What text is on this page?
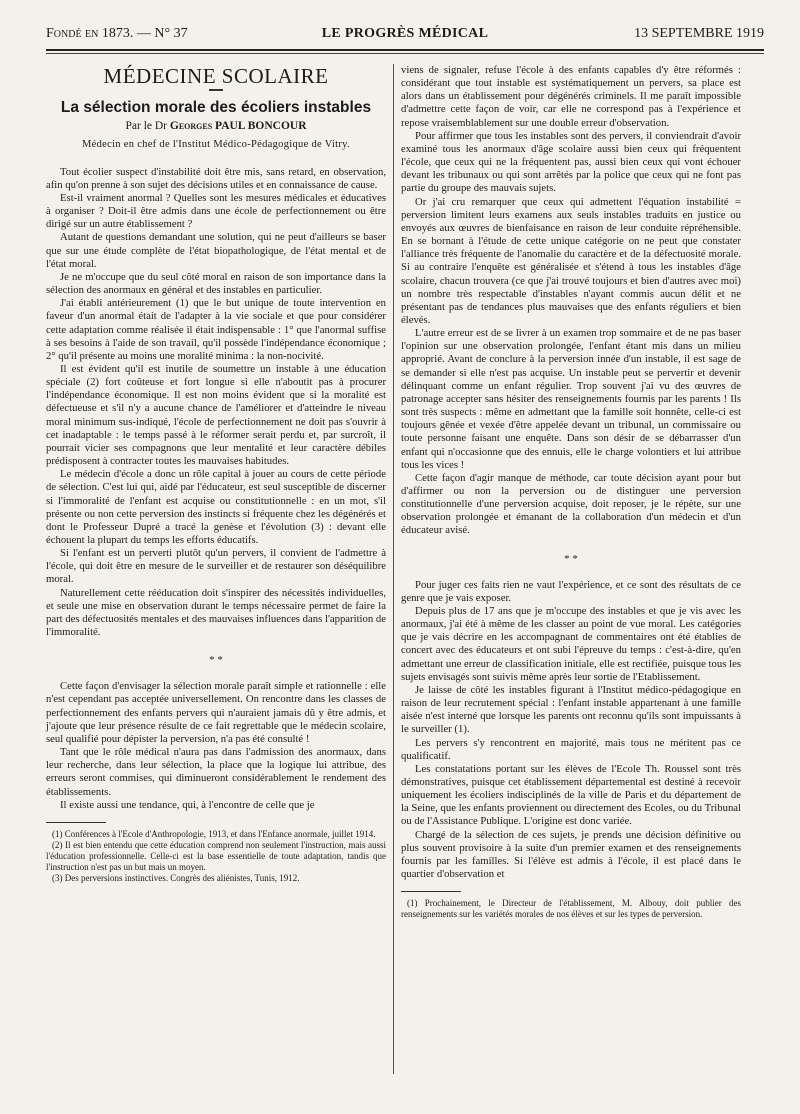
Fondé en 1873. — N° 37	LE PROGRÈS MÉDICAL	13 SEPTEMBRE 1919
MÉDECINE SCOLAIRE
La sélection morale des écoliers instables
Par le Dr Georges PAUL BONCOUR
Médecin en chef de l'Institut Médico-Pédagogique de Vitry.

Tout écolier suspect d'instabilité doit être mis, sans retard, en observation, afin qu'on prenne à son sujet des décisions utiles et en connaissance de cause.

Est-il vraiment anormal ? Quelles sont les mesures médicales et éducatives à organiser ? Doit-il être admis dans une école de perfectionnement ou être dirigé sur un autre établissement ?

Autant de questions demandant une solution, qui ne peut d'ailleurs se baser que sur une étude complète de l'état biopathologique, de l'état mental et de l'état moral.

Je ne m'occupe que du seul côté moral en raison de son importance dans la sélection des anormaux en général et des instables en particulier.

J'ai établi antérieurement (1) que le but unique de toute intervention en faveur d'un anormal était de l'adapter à la vie sociale et que pour considérer cette adaptation comme réalisée il était indispensable : 1° que l'anormal suffise à ses besoins à l'aide de son travail, qu'il possède l'indépendance économique ; 2° qu'il présente au moins une moralité minima : la non-nocivité.

Il est évident qu'il est inutile de soumettre un instable à une éducation spéciale (2) fort coûteuse et fort longue si elle n'aboutit pas à procurer l'indépendance économique. Il est non moins évident que si la moralité est défectueuse et s'il n'y a aucune chance de l'améliorer et d'atteindre le niveau moral minimum sus-indiqué, l'école de perfectionnement ne doit pas s'ouvrir à cet inadaptable : le temps passé à le réformer serait perdu et, par surcroît, il pourrait vicier ses compagnons que leur mentalité et leur caractère débiles prédisposent à contracter toutes les mauvaises habitudes.

Le médecin d'école a donc un rôle capital à jouer au cours de cette période de sélection. C'est lui qui, aidé par l'éducateur, est seul susceptible de discerner si l'immoralité de l'enfant est acquise ou constitutionnelle : en un mot, s'il présente ou non cette perversion des instincts si fréquente chez les dégénérés et dont le Professeur Dupré a tracé la genèse et l'évolution (3) : devant elle échouent la plupart du temps les efforts éducatifs.

Si l'enfant est un perverti plutôt qu'un pervers, il convient de l'admettre à l'école, qui doit être en mesure de le surveiller et de restaurer son déséquilibre moral.

Naturellement cette rééducation doit s'inspirer des nécessités individuelles, et seule une mise en observation durant le temps nécessaire permet de faire la part des défectuosités mentales et des mauvaises influences dans l'apparition de l'immoralité.

* *

Cette façon d'envisager la sélection morale paraît simple et rationnelle : elle n'est cependant pas acceptée universellement. On rencontre dans les classes de perfectionnement des enfants pervers qui n'auraient jamais dû y être admis, et j'ajoute que leur présence résulte de ce fait regrettable que le médecin scolaire, seul qualifié pour dépister la perversion, n'a pas été consulté !

Tant que le rôle médical n'aura pas dans l'admission des anormaux, dans leur recherche, dans leur sélection, la place que la logique lui attribue, des erreurs seront commises, qui diminueront considérablement le rendement des établissements.

Il existe aussi une tendance, qui, à l'encontre de celle que je

(1) Conférences à l'Ecole d'Anthropologie, 1913, et dans l'Enfance anormale, juillet 1914.

(2) Il est bien entendu que cette éducation comprend non seulement l'instruction, mais aussi l'éducation professionnelle. Celle-ci est la base essentielle de toute adaptation, tandis que l'instruction n'est pas un but mais un moyen.

(3) Des perversions instinctives. Congrès des aliénistes, Tunis, 1912.

viens de signaler, refuse l'école à des enfants capables d'y être réformés : considérant que tout instable est systématiquement un pervers, sa place est alors dans un établissement pour dégénérés criminels. Il me paraît impossible d'admettre cette façon de voir, car elle ne correspond pas à l'expérience et repose vraisemblablement sur une double erreur d'observation.

Pour affirmer que tous les instables sont des pervers, il conviendrait d'avoir examiné tous les anormaux d'âge scolaire aussi bien ceux qui fréquentent l'école, que ceux qui ne la fréquentent pas, aussi bien ceux qui vont échouer devant les tribunaux ou qui sont arrêtés par la police que ceux qui ne font pas partie du groupe des mauvais sujets.

Or j'ai cru remarquer que ceux qui admettent l'équation instabilité = perversion limitent leurs examens aux seuls instables traduits en justice ou envoyés aux œuvres de bienfaisance en raison de leur conduite répréhensible. En se bornant à l'étude de cette unique catégorie on ne peut que constater l'alliance très fréquente de l'anomalie du caractère et de la défectuosité morale. Si au contraire l'enquête est généralisée et s'étend à tous les instables d'âge scolaire, chacun trouvera (ce que j'ai trouvé toujours et bien d'autres avec moi) un nombre très respectable d'instables n'ayant commis aucun délit et ne présentant pas de tendances plus mauvaises que des enfants réguliers et bien élevés.

L'autre erreur est de se livrer à un examen trop sommaire et de ne pas baser l'opinion sur une observation prolongée, l'enfant étant mis dans un milieu approprié. Avant de conclure à la perversion innée d'un instable, il est sage de se demander si elle n'est pas acquise. Un instable peut se pervertir et devenir délinquant comme un enfant régulier. Trop souvent j'ai vu des œuvres de patronage accepter sans hésiter des renseignements fournis par les parents ! Ils sont très suspects : même en admettant que la famille soit honnête, celle-ci est toujours gênée et vexée d'être appelée devant un tribunal, un commissaire ou toute personne faisant une enquête. Dans son désir de se débarrasser d'un enfant qui n'occasionne que des ennuis, elle le charge volontiers et lui attribue tous les vices !

Cette façon d'agir manque de méthode, car toute décision ayant pour but d'affirmer ou non la perversion ou de distinguer une perversion constitutionnelle d'une perversion acquise, doit reposer, je le répète, sur une observation prolongée et émanant de la collaboration d'un médecin et d'un éducateur avisé.

* *

Pour juger ces faits rien ne vaut l'expérience, et ce sont des résultats de ce genre que je vais exposer.

Depuis plus de 17 ans que je m'occupe des instables et que je vis avec les anormaux, j'ai été à même de les classer au point de vue moral. Les catégories que je vais décrire en les accompagnant de commentaires ont été établies de concert avec des éducateurs et ont subi l'épreuve du temps : c'est-à-dire, qu'en admettant une erreur de classification initiale, elle est rectifiée, puisque tous les sujets envisagés sont suivis même après leur sortie de l'Etablissement.

Je laisse de côté les instables figurant à l'Institut médico-pédagogique en raison de leur recrutement spécial : l'enfant instable appartenant à une famille aisée n'est interné que lorsque les parents ont reconnu qu'ils sont impuissants à le surveiller (1).

Les pervers s'y rencontrent en majorité, mais tous ne méritent pas ce qualificatif.

Les constatations portant sur les élèves de l'Ecole Th. Roussel sont très démonstratives, puisque cet établissement départemental est destiné à recevoir uniquement les écoliers indisciplinés de la ville de Paris et du département de la Seine, que les enfants proviennent ou directement des Ecoles, ou du Tribunal ou de l'Assistance Publique. L'origine est donc variée.

Chargé de la sélection de ces sujets, je prends une décision définitive ou plus souvent provisoire à la suite d'un premier examen et des renseignements fournis par les familles. Si l'élève est admis à l'école, il est placé dans le quartier d'observation et

(1) Prochainement, le Directeur de l'établissement, M. Albouy, doit publier des renseignements sur les variétés morales de nos élèves et sur les types de perversion.
